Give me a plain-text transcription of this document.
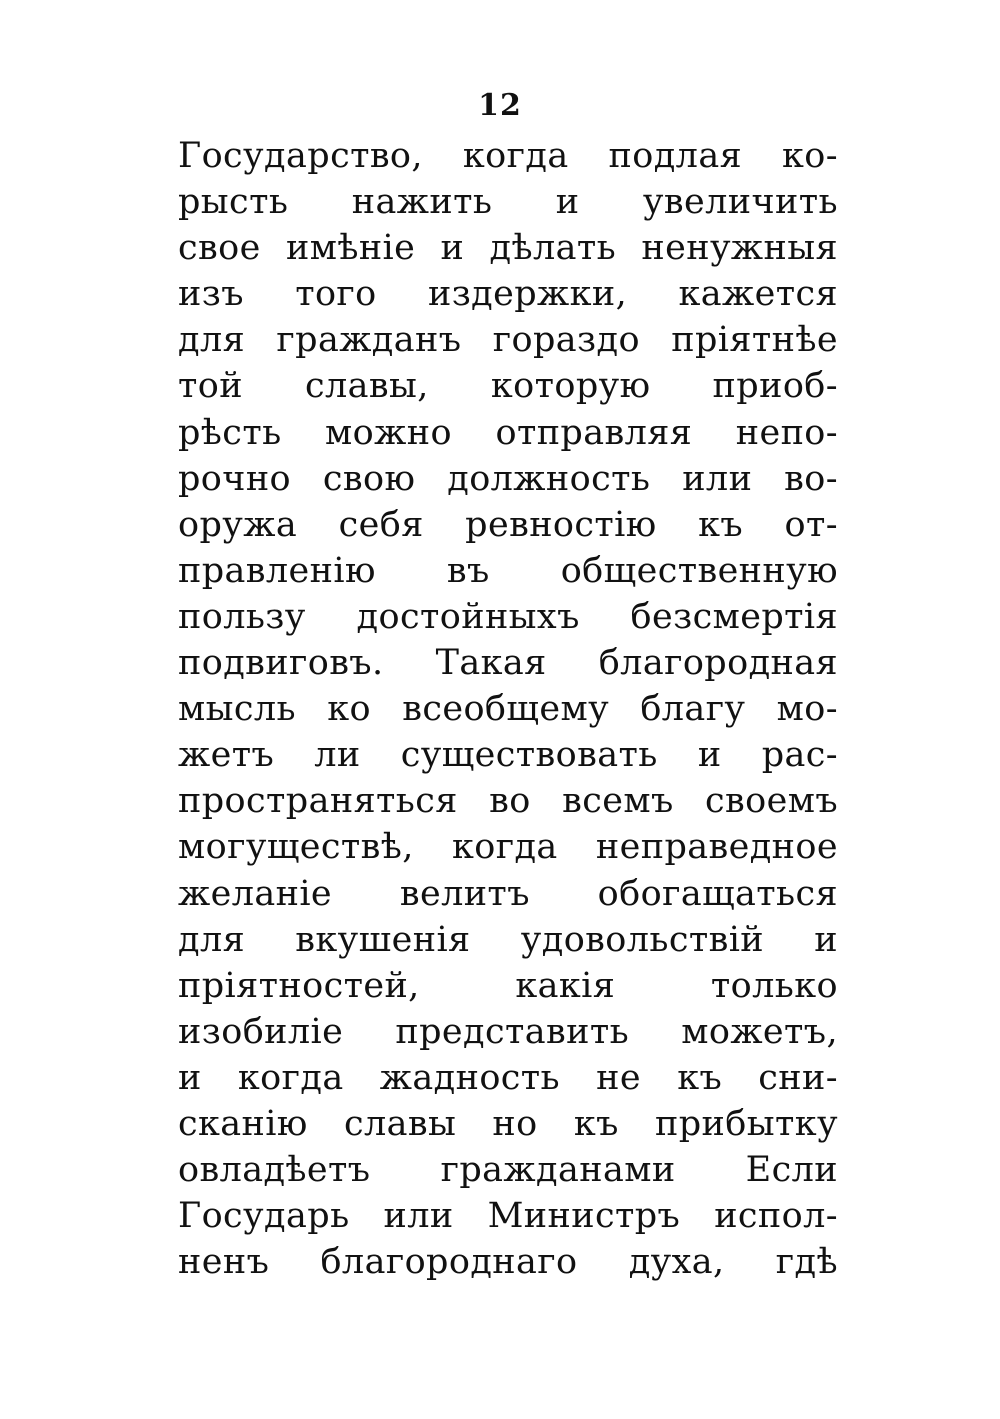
12
Государство, когда подлая ко-
рысть нажить и увеличить
свое имѣніе и дѣлать ненужныя
изъ того издержки, кажется
для гражданъ гораздо пріятнѣе
той славы, которую приоб-
рѣсть можно отправляя непо-
рочно свою должность или во-
оружа себя ревностію къ от-
правленію въ общественную
пользу достойныхъ безсмертія
подвиговъ. Такая благородная
мысль ко всеобщему благу мо-
жетъ ли существовать и рас-
пространяться во всемъ своемъ
могуществѣ, когда неправедное
желаніе велитъ обогащаться
для вкушенія удовольствій и
пріятностей, какія только
изобиліе представить можетъ,
и когда жадность не къ сни-
сканію славы но къ прибытку
овладѣетъ гражданами Если
Государь или Министръ испол-
ненъ благороднаго духа, гдѣ
